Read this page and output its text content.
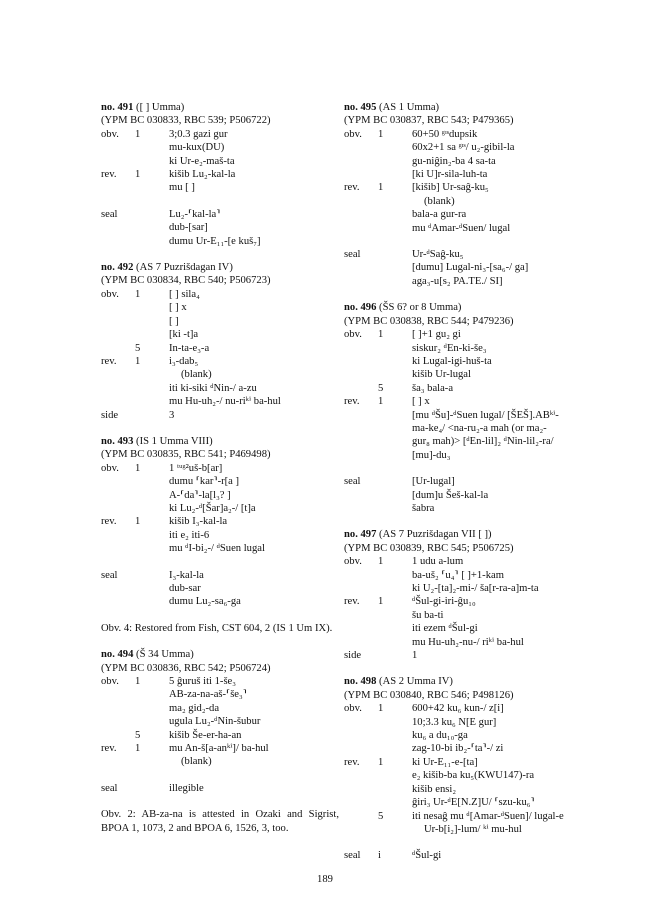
no. 491 ([ ] Umma)
(YPM BC 030833, RBC 539; P506722)
obv.	1	3;0.3 gazi gur
mu-kux(DU)
ki Ur-e₂-maš-ta
rev.	1	kišib Lu₂-kal-la
mu [ ]
seal	Lu₂-⸢kal-la⸣
dub-[sar]
dumu Ur-E₁₁-[e kuš₇]
no. 492 (AS 7 Puzrišdagan IV)
(YPM BC 030834, RBC 540; P506723)
obv.	1	[ ] sila₄
[ ] x
[ ]
[ki -t]a
5	In-ta-e₃-a
rev.	1	i₃-dab₅
(blank)
iti ki-siki ᵈNin-/ a-zu
mu Hu-uh₂-/ nu-riᵏⁱ ba-hul
side	3
no. 493 (IS 1 Umma VIII)
(YPM BC 030835, RBC 541; P469498)
obv.	1	1 ᵗᵘᵍ²uš-b[ar]
dumu ⸢kar⸣-r[a ]
A-⸢da⸣-la[l₃? ]
ki Lu₂-ᵈ[Šar]a₂-/ [t]a
rev.	1	kišib I₃-kal-la
iti e₂ iti-6
mu ᵈI-bi₂-/ ᵈSuen lugal
seal	I₃-kal-la
dub-sar
dumu Lu₂-sa₆-ga
Obv. 4: Restored from Fish, CST 604, 2 (IS 1 Um IX).
no. 494 (Š 34 Umma)
(YPM BC 030836, RBC 542; P506724)
obv.	1	5 ĝuruš iti 1-še₃
AB-za-na-aš-⸢še₃⸣
ma₂ gid₂-da
ugula Lu₂-ᵈNin-šubur
5	kišib Še-er-ha-an
rev.	1	mu An-š[a-anᵏⁱ]/ ba-hul
(blank)
seal	illegible
Obv. 2: AB-za-na is attested in Ozaki and Sigrist, BPOA 1, 1073, 2 and BPOA 6, 1526, 3, too.
no. 495 (AS 1 Umma)
(YPM BC 030837, RBC 543; P479365)
obv.	1	60+50 ᵍᶦˢdupsik
60x2+1 sa ᵍᶦˢ/ u₂-gibil-la
gu-niĝin₂-ba 4 sa-ta
[ki U]r-sila-luh-ta
rev.	1	[kišib] Ur-saĝ-ku₅
(blank)
bala-a gur-ra
mu ᵈAmar-ᵈSuen/ lugal
seal	Ur-ᵈSaĝ-ku₅
[dumu] Lugal-ni₃-[sa₆-/ ga]
aga₃-u[s₂ PA.TE./ SI]
no. 496 (ŠS 6? or 8 Umma)
(YPM BC 030838, RBC 544; P479236)
obv.	1	[ ]+1 gu₂ gi
siskur₂ ᵈEn-ki-še₃
ki Lugal-igi-huš-ta
kišib Ur-lugal
5	ša₃ bala-a
rev.	1	[ ] x
[mu ᵈŠu]-ᵈSuen lugal/ [ŠEŠ].ABᵏⁱ-
ma-ke₄/ <na-ru₂-a mah (or ma₂-
gur₈ mah)> [ᵈEn-lil]₂ ᵈNin-lil₂-ra/
[mu]-du₃
seal	[Ur-lugal]
[dum]u Šeš-kal-la
šabra
no. 497 (AS 7 Puzrišdagan VII [ ])
(YPM BC 030839, RBC 545; P506725)
obv.	1	1 udu a-lum
ba-uš₂ ⸢u₄⸣ [ ]+1-kam
ki U₂-[ta]₂-mi-/ ša[r-ra-a]m-ta
rev.	1	ᵈŠul-gi-iri-ĝu₁₀
šu ba-ti
iti ezem ᵈŠul-gi
mu Hu-uh₂-nu-/ riᵏⁱ ba-hul
side	1
no. 498 (AS 2 Umma IV)
(YPM BC 030840, RBC 546; P498126)
obv.	1	600+42 ku₆ kun-/ z[i]
10;3.3 ku₆ N[E gur]
ku₆ a du₁₀-ga
zag-10-bi ib₂-⸢ta⸣-/ zi
rev.	1	ki Ur-E₁₁-e-[ta]
e₂ kišib-ba ku₅(KWU147)-ra
kišib ensi₂
ĝiri₃ Ur-ᵈE[N.Z]U/ ⸢szu-ku₆⸣
5	iti nesaĝ mu ᵈ[Amar-ᵈSuen]/ lugal-e
Ur-b[i₂]-lum/ ᵏⁱ mu-hul
seal	i	ᵈŠul-gi
189
